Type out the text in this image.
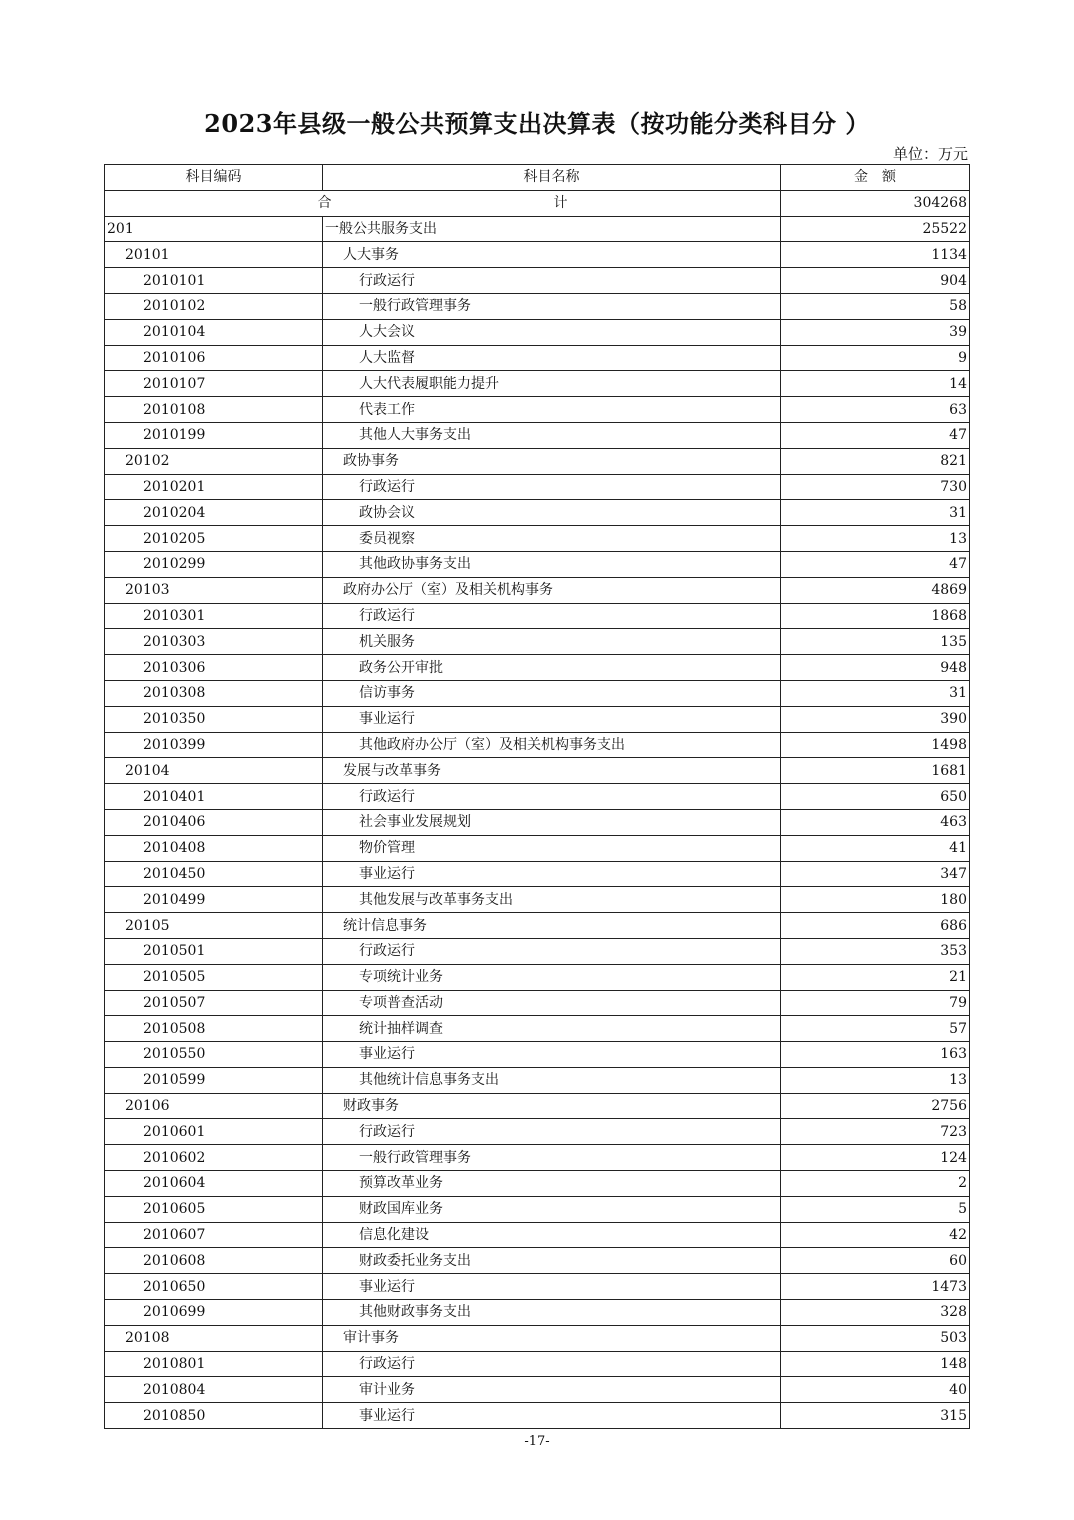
2023年县级一般公共预算支出决算表（按功能分类科目分 ）
单位：万元
科目编码	科目名称	金　额
合 计		304268
201	一般公共服务支出	25522
20101	人大事务	1134
2010101	行政运行	904
2010102	一般行政管理事务	58
2010104	人大会议	39
2010106	人大监督	9
2010107	人大代表履职能力提升	14
2010108	代表工作	63
2010199	其他人大事务支出	47
20102	政协事务	821
2010201	行政运行	730
2010204	政协会议	31
2010205	委员视察	13
2010299	其他政协事务支出	47
20103	政府办公厅（室）及相关机构事务	4869
2010301	行政运行	1868
2010303	机关服务	135
2010306	政务公开审批	948
2010308	信访事务	31
2010350	事业运行	390
2010399	其他政府办公厅（室）及相关机构事务支出	1498
20104	发展与改革事务	1681
2010401	行政运行	650
2010406	社会事业发展规划	463
2010408	物价管理	41
2010450	事业运行	347
2010499	其他发展与改革事务支出	180
20105	统计信息事务	686
2010501	行政运行	353
2010505	专项统计业务	21
2010507	专项普查活动	79
2010508	统计抽样调查	57
2010550	事业运行	163
2010599	其他统计信息事务支出	13
20106	财政事务	2756
2010601	行政运行	723
2010602	一般行政管理事务	124
2010604	预算改革业务	2
2010605	财政国库业务	5
2010607	信息化建设	42
2010608	财政委托业务支出	60
2010650	事业运行	1473
2010699	其他财政事务支出	328
20108	审计事务	503
2010801	行政运行	148
2010804	审计业务	40
2010850	事业运行	315
-17-
